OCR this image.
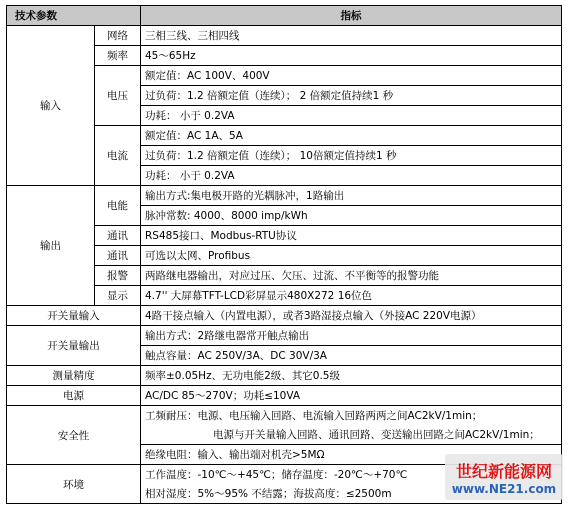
技术参数		指标
输入	网络	三相三线、三相四线
	频率	45～65Hz
	电压	额定值：AC 100V、400V
		过负荷：1.2 倍额定值（连续）； 2 倍额定值持续1 秒
		功耗： 小于 0.2VA
	电流	额定值：AC 1A、5A
		过负荷：1.2 倍额定值（连续）； 10倍额定值持续1 秒
		功耗： 小于 0.2VA
输出	电能	输出方式:集电极开路的光耦脉冲，1路输出
		脉冲常数: 4000、8000 imp/kWh
	通讯	RS485接口、Modbus-RTU协议
	通讯	可选以太网、Profibus
	报警	两路继电器输出，对应过压、欠压、过流、不平衡等的报警功能
	显示	4.7'' 大屏幕TFT-LCD彩屏显示480X272 16位色
开关量输入		4路干接点输入（内置电源），或者3路湿接点输入（外接AC 220V电源）
开关量输出		输出方式：2路继电器常开触点输出
		触点容量：AC 250V/3A、DC 30V/3A
测量精度		频率±0.05Hz、无功电能2级、其它0.5级
电源		AC/DC 85～270V；功耗≤10VA
安全性		工频耐压：电源、电压输入回路、电流输入回路两两之间AC2kV/1min；
		电源与开关量输入回路、通讯回路、变送输出回路之间AC2kV/1min；
		绝缘电阻：输入、输出端对机壳>5MΩ
环境		工作温度：-10℃～+45℃；储存温度：-20℃～+70℃
		相对湿度：5%～95% 不结露；海拔高度：≤2500m
世纪新能源网
www.NE21.com
